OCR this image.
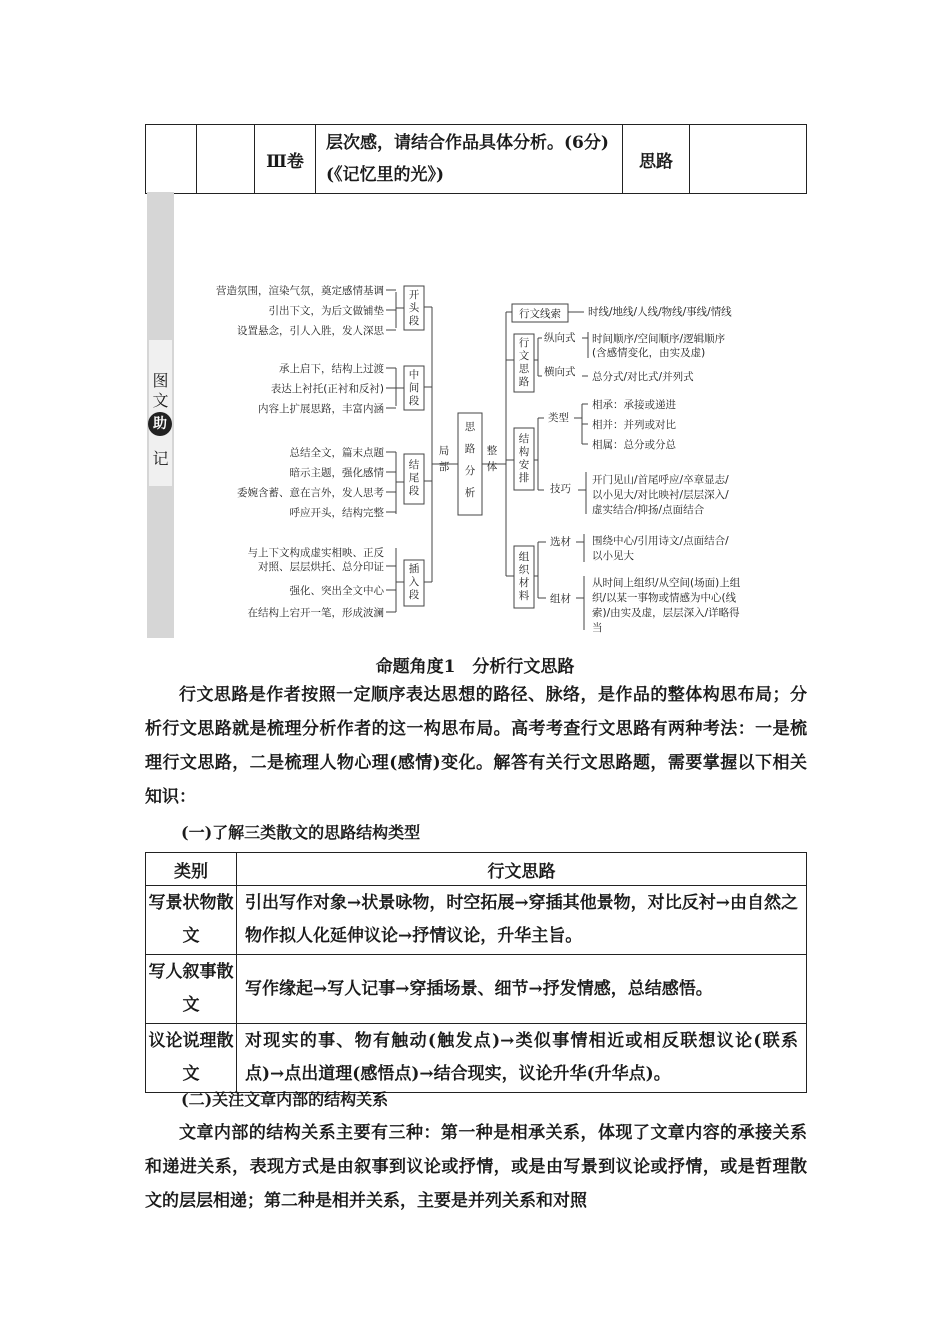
		Ⅲ卷	层次感，请结合作品具体分析。(6分)(《记忆里的光》)	思路	
图
文
记
助	思
路
分
析
局
部
整
体
开
头
段
中
间
段
结
尾
段
插
入
段
营造氛围，渲染气氛，奠定感情基调
引出下文，为后文做铺垫
设置悬念，引人入胜，发人深思
承上启下，结构上过渡
表达上衬托(正衬和反衬)
内容上扩展思路，丰富内涵
总结全文，篇末点题
暗示主题，强化感情
委婉含蓄、意在言外，发人思考
呼应开头，结构完整
与上下文构成虚实相映、正反
对照、层层烘托、总分印证
强化、突出全文中心
在结构上宕开一笔，形成波澜
行文线索	时线/地线/人线/物线/事线/情线
行
文
思
路
纵向式
横向式
时间顺序/空间顺序/逻辑顺序
(含感情变化，由实及虚)
总分式/对比式/并列式
结
构
安
排
类型
技巧
相承：承接或递进
相并：并列或对比
相属：总分或分总
开门见山/首尾呼应/卒章显志/
以小见大/对比映衬/层层深入/
虚实结合/抑扬/点面结合
组
织
材
料
选材
组材
围绕中心/引用诗文/点面结合/
以小见大
从时间上组织/从空间(场面)上组
织/以某一事物或情感为中心(线
索)/由实及虚，层层深入/详略得
当
命题角度1　分析行文思路

行文思路是作者按照一定顺序表达思想的路径、脉络，是作品的整体构思布局；分析行文思路就是梳理分析作者的这一构思布局。高考考查行文思路有两种考法：一是梳理行文思路，二是梳理人物心理(感情)变化。解答有关行文思路题，需要掌握以下相关知识：

(一)了解三类散文的思路结构类型
类别	行文思路
写景状物散文	引出写作对象→状景咏物，时空拓展→穿插其他景物，对比反衬→由自然之物作拟人化延伸议论→抒情议论，升华主旨。
写人叙事散文	写作缘起→写人记事→穿插场景、细节→抒发情感，总结感悟。
议论说理散文	对现实的事、物有触动(触发点)→类似事情相近或相反联想议论(联系点)→点出道理(感悟点)→结合现实，议论升华(升华点)。
(二)关注文章内部的结构关系

文章内部的结构关系主要有三种：第一种是相承关系，体现了文章内容的承接关系和递进关系，表现方式是由叙事到议论或抒情，或是由写景到议论或抒情，或是哲理散文的层层相递；第二种是相并关系，主要是并列关系和对照
